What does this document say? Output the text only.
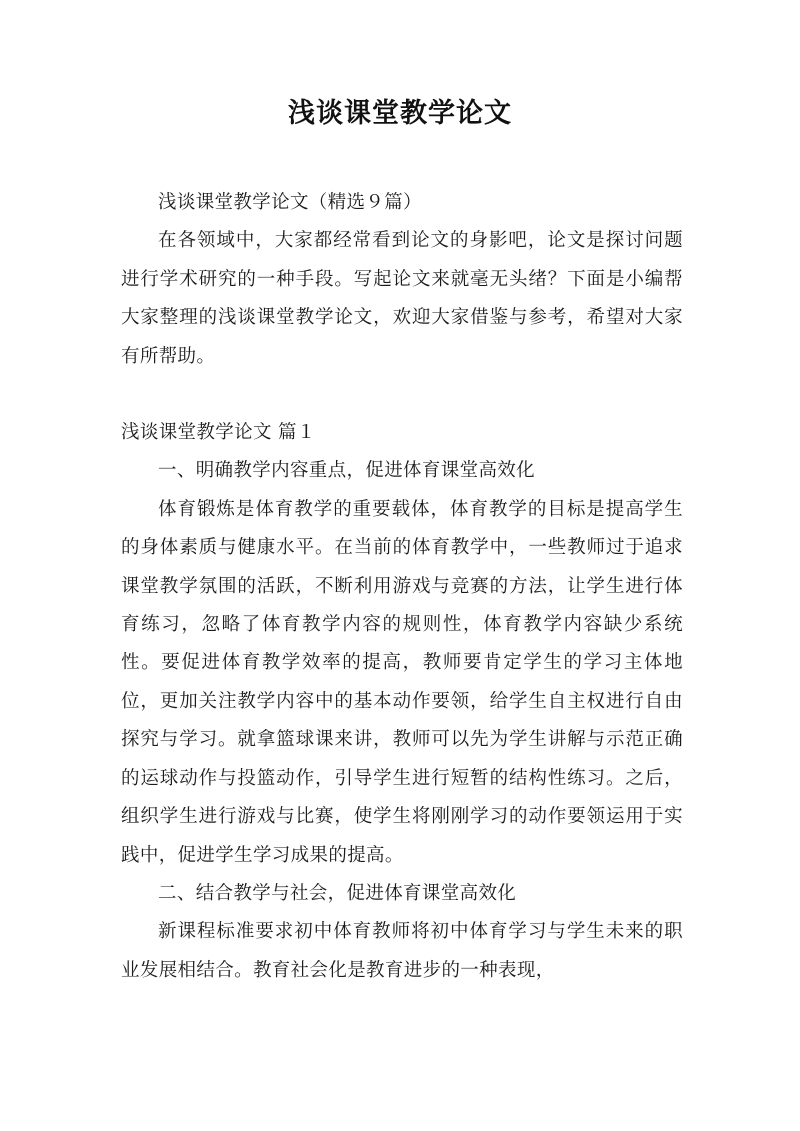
浅谈课堂教学论文

浅谈课堂教学论文（精选９篇）

在各领域中，大家都经常看到论文的身影吧，论文是探讨问题进行学术研究的一种手段。写起论文来就毫无头绪？下面是小编帮大家整理的浅谈课堂教学论文，欢迎大家借鉴与参考，希望对大家有所帮助。

浅谈课堂教学论文 篇１

一、明确教学内容重点，促进体育课堂高效化

体育锻炼是体育教学的重要载体，体育教学的目标是提高学生的身体素质与健康水平。在当前的体育教学中，一些教师过于追求课堂教学氛围的活跃，不断利用游戏与竞赛的方法，让学生进行体育练习，忽略了体育教学内容的规则性，体育教学内容缺少系统性。要促进体育教学效率的提高，教师要肯定学生的学习主体地位，更加关注教学内容中的基本动作要领，给学生自主权进行自由探究与学习。就拿篮球课来讲，教师可以先为学生讲解与示范正确的运球动作与投篮动作，引导学生进行短暂的结构性练习。之后，组织学生进行游戏与比赛，使学生将刚刚学习的动作要领运用于实践中，促进学生学习成果的提高。

二、结合教学与社会，促进体育课堂高效化

新课程标准要求初中体育教师将初中体育学习与学生未来的职业发展相结合。教育社会化是教育进步的一种表现，
